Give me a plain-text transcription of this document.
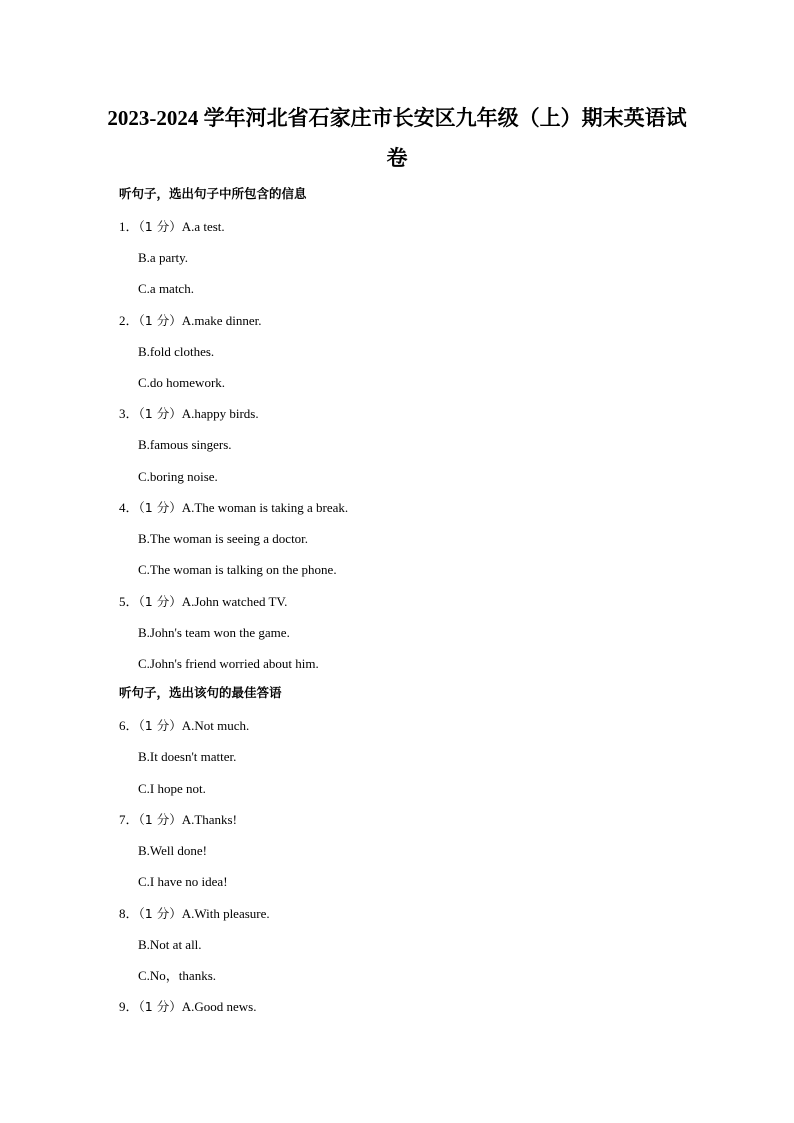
2023-2024 学年河北省石家庄市长安区九年级（上）期末英语试
卷
听句子，选出句子中所包含的信息
1．（1 分）A.a test.
B.a party.
C.a match.
2．（1 分）A.make dinner.
B.fold clothes.
C.do homework.
3．（1 分）A.happy birds.
B.famous singers.
C.boring noise.
4．（1 分）A.The woman is taking a break.
B.The woman is seeing a doctor.
C.The woman is talking on the phone.
5．（1 分）A.John watched TV.
B.John's team won the game.
C.John's friend worried about him.
听句子，选出该句的最佳答语
6．（1 分）A.Not much.
B.It doesn't matter.
C.I hope not.
7．（1 分）A.Thanks!
B.Well done!
C.I have no idea!
8．（1 分）A.With pleasure.
B.Not at all.
C.No，thanks.
9．（1 分）A.Good news.
